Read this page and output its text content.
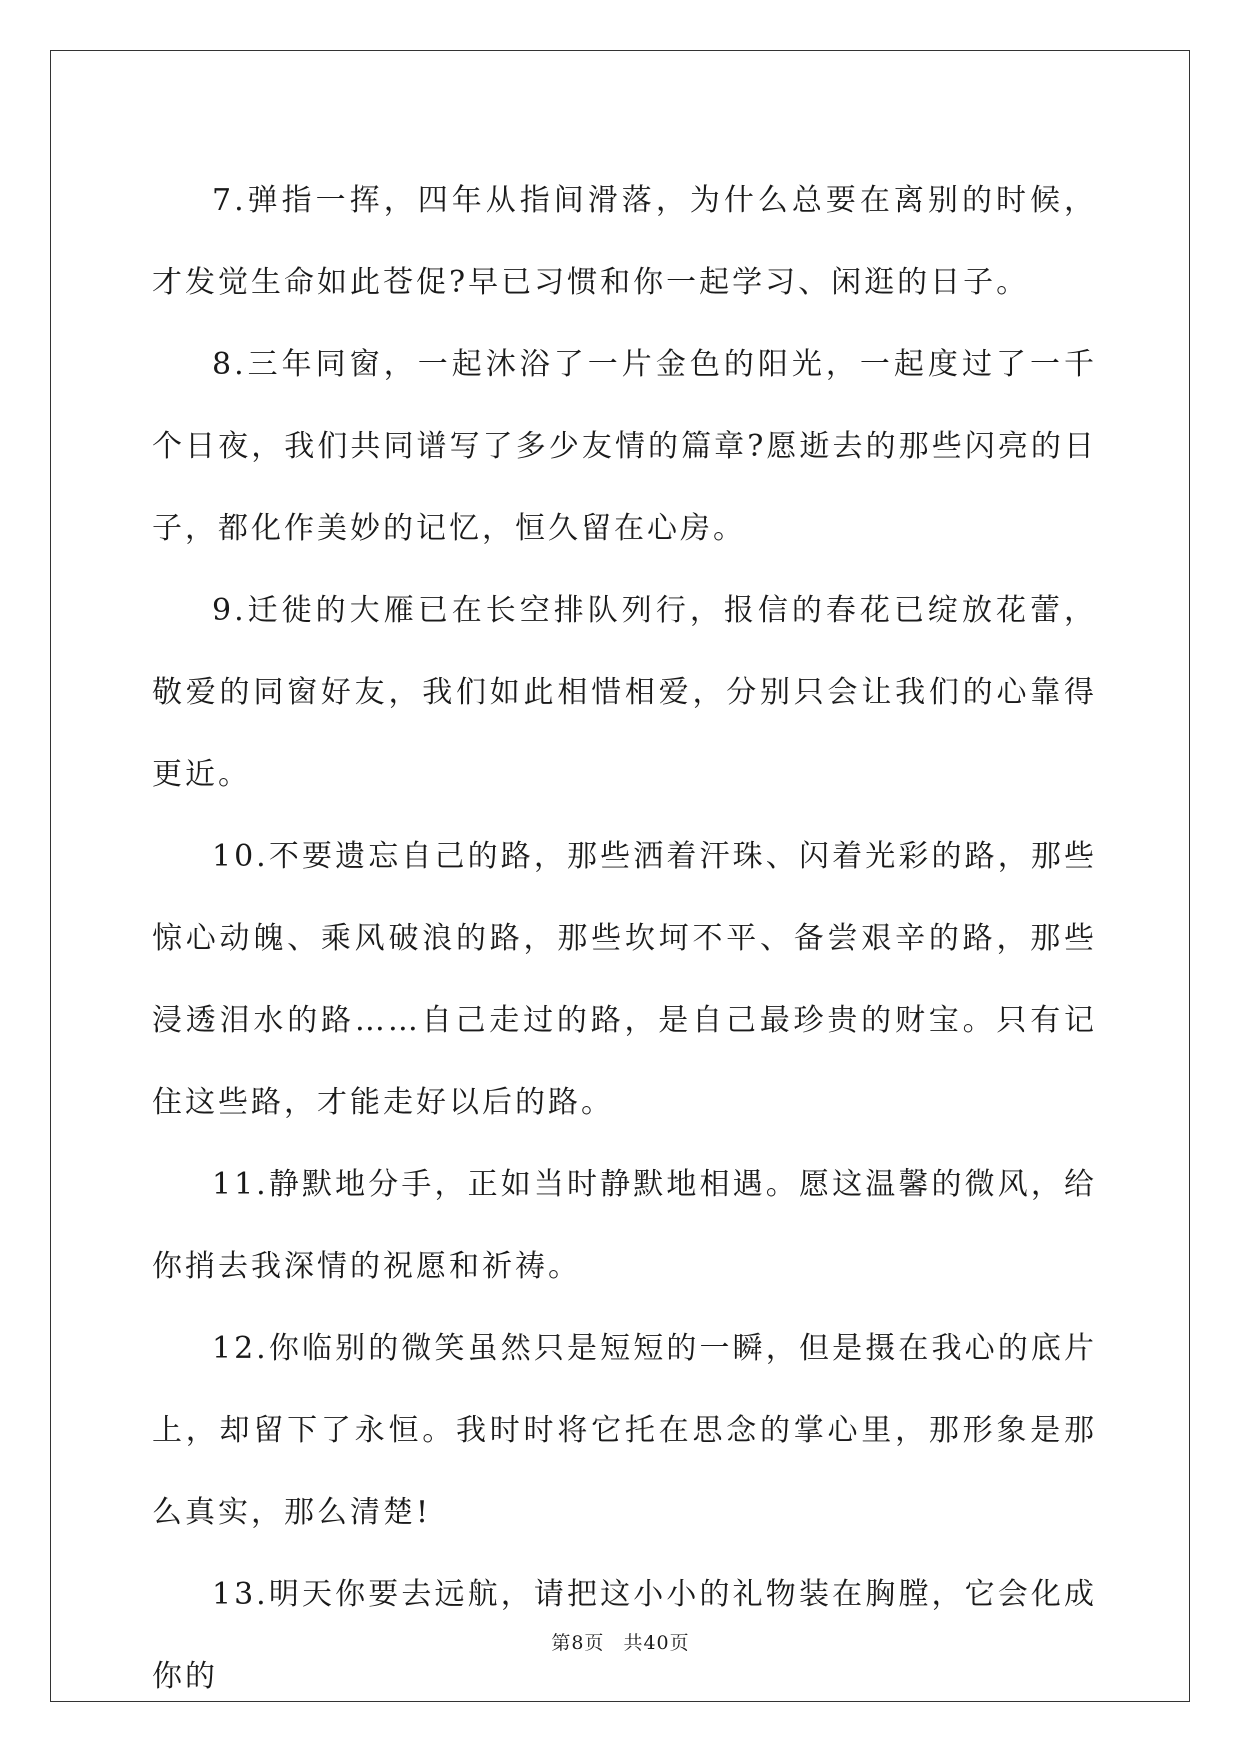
7.弹指一挥，四年从指间滑落，为什么总要在离别的时候，才发觉生命如此苍促?早已习惯和你一起学习、闲逛的日子。

8.三年同窗，一起沐浴了一片金色的阳光，一起度过了一千个日夜，我们共同谱写了多少友情的篇章?愿逝去的那些闪亮的日子，都化作美妙的记忆，恒久留在心房。

9.迁徙的大雁已在长空排队列行，报信的春花已绽放花蕾，敬爱的同窗好友，我们如此相惜相爱，分别只会让我们的心靠得更近。

10.不要遗忘自己的路，那些洒着汗珠、闪着光彩的路，那些惊心动魄、乘风破浪的路，那些坎坷不平、备尝艰辛的路，那些浸透泪水的路……自己走过的路，是自己最珍贵的财宝。只有记住这些路，才能走好以后的路。

11.静默地分手，正如当时静默地相遇。愿这温馨的微风，给你捎去我深情的祝愿和祈祷。

12.你临别的微笑虽然只是短短的一瞬，但是摄在我心的底片上，却留下了永恒。我时时将它托在思念的掌心里，那形象是那么真实，那么清楚!

13.明天你要去远航，请把这小小的礼物装在胸膛，它会化成你的

第8页 共40页
